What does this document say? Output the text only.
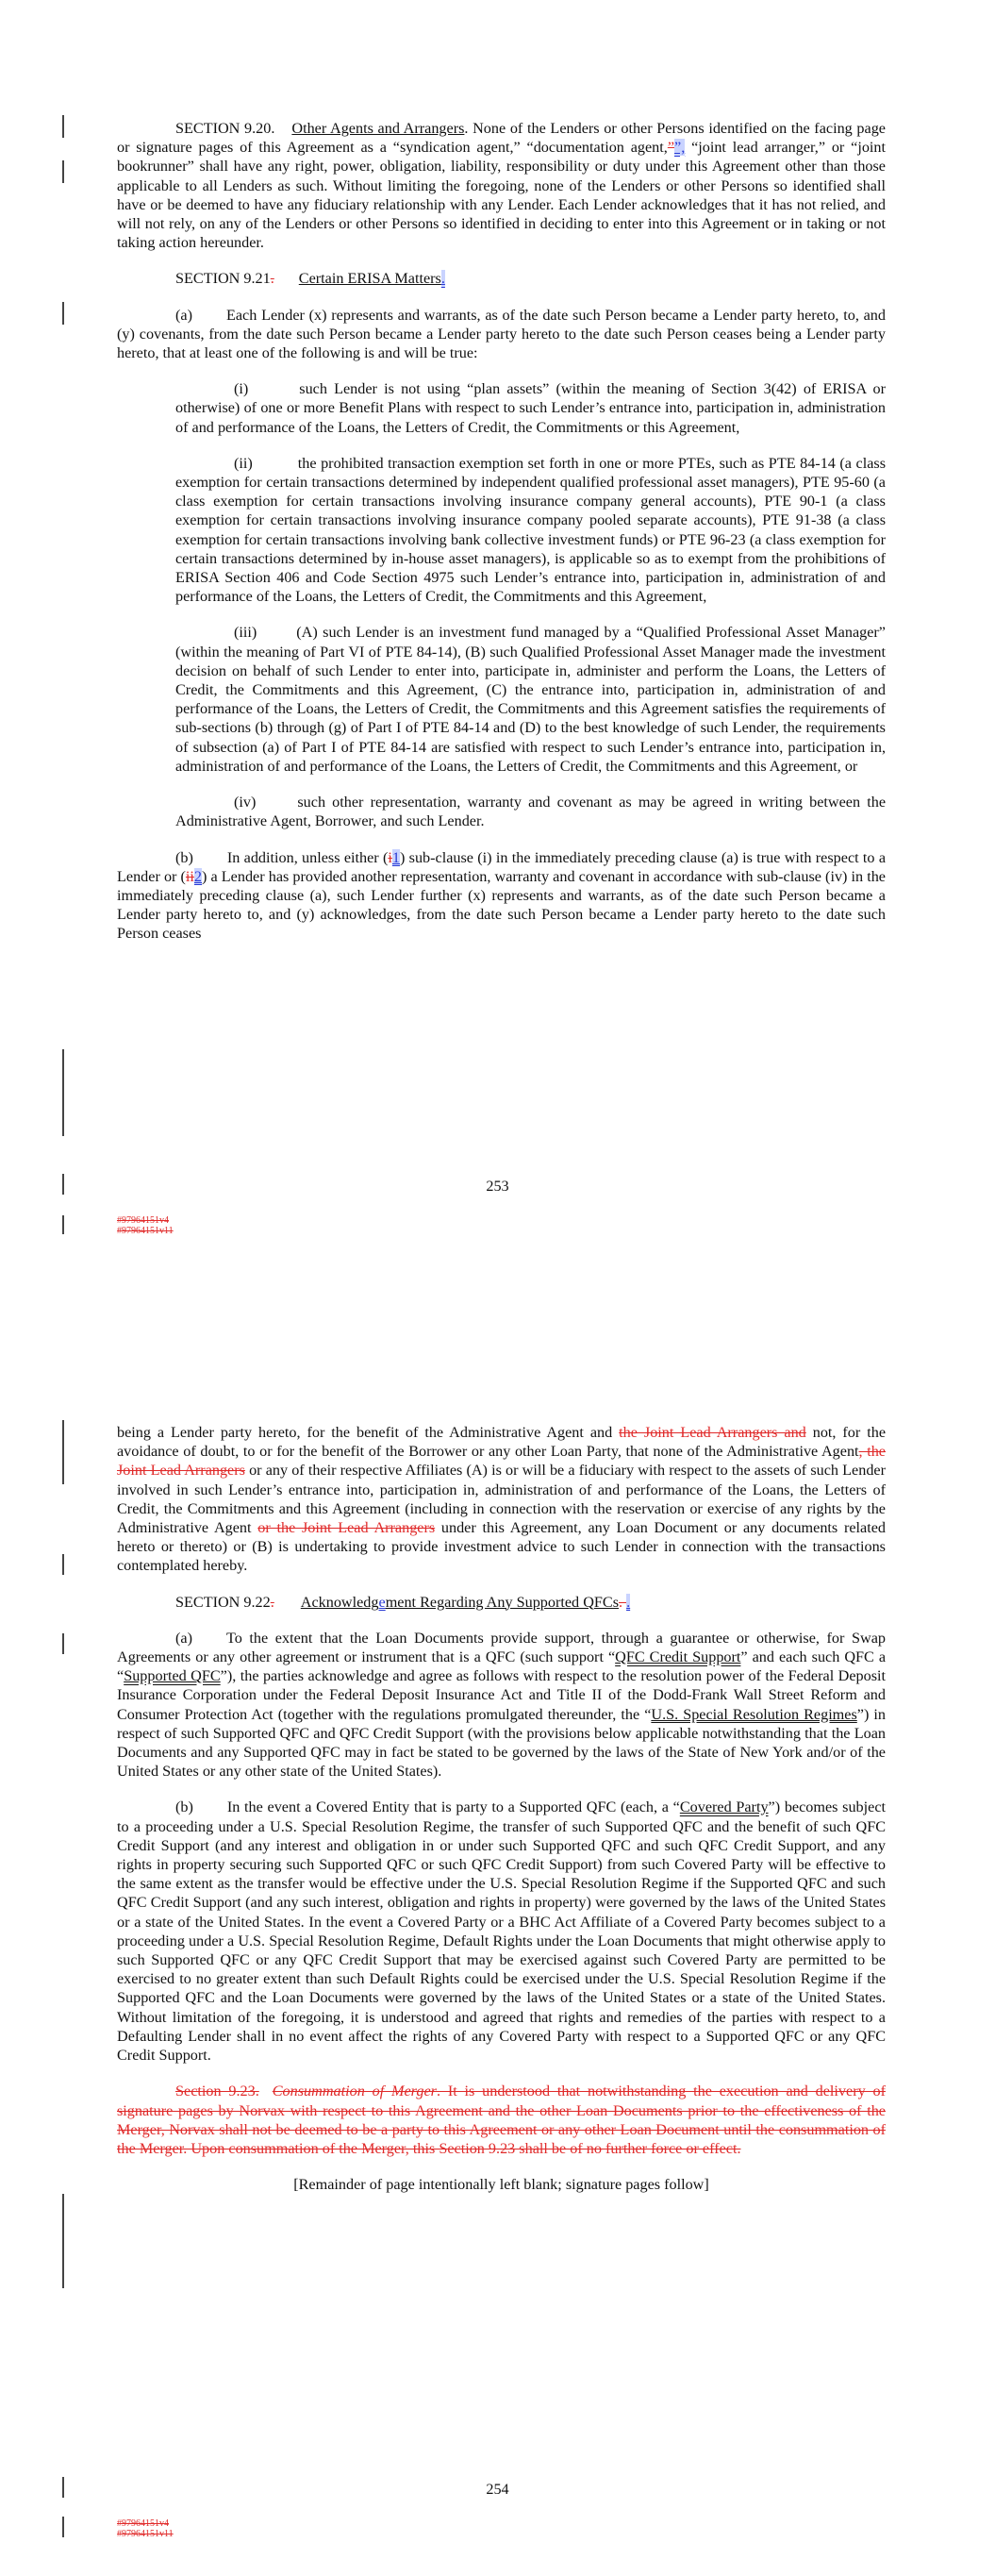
SECTION 9.20. Other Agents and Arrangers. None of the Lenders or other Persons identified on the facing page or signature pages of this Agreement as a “syndication agent,” “documentation agent,””, “joint lead arranger,” or “joint bookrunner” shall have any right, power, obligation, liability, responsibility or duty under this Agreement other than those applicable to all Lenders as such. Without limiting the foregoing, none of the Lenders or other Persons so identified shall have or be deemed to have any fiduciary relationship with any Lender. Each Lender acknowledges that it has not relied, and will not rely, on any of the Lenders or other Persons so identified in deciding to enter into this Agreement or in taking or not taking action hereunder.

SECTION 9.21. Certain ERISA Matters.

(a) Each Lender (x) represents and warrants, as of the date such Person became a Lender party hereto, to, and (y) covenants, from the date such Person became a Lender party hereto to the date such Person ceases being a Lender party hereto, that at least one of the following is and will be true:

(i)	such Lender is not using “plan assets” (within the meaning of Section 3(42) of ERISA or otherwise) of one or more Benefit Plans with respect to such Lender’s entrance into, participation in, administration of and performance of the Loans, the Letters of Credit, the Commitments or this Agreement,

(ii)	the prohibited transaction exemption set forth in one or more PTEs, such as PTE 84-14 (a class exemption for certain transactions determined by independent qualified professional asset managers), PTE 95-60 (a class exemption for certain transactions involving insurance company general accounts), PTE 90-1 (a class exemption for certain transactions involving insurance company pooled separate accounts), PTE 91-38 (a class exemption for certain transactions involving bank collective investment funds) or PTE 96-23 (a class exemption for certain transactions determined by in-house asset managers), is applicable so as to exempt from the prohibitions of ERISA Section 406 and Code Section 4975 such Lender’s entrance into, participation in, administration of and performance of the Loans, the Letters of Credit, the Commitments and this Agreement,

(iii)	(A) such Lender is an investment fund managed by a “Qualified Professional Asset Manager” (within the meaning of Part VI of PTE 84-14), (B) such Qualified Professional Asset Manager made the investment decision on behalf of such Lender to enter into, participate in, administer and perform the Loans, the Letters of Credit, the Commitments and this Agreement, (C) the entrance into, participation in, administration of and performance of the Loans, the Letters of Credit, the Commitments and this Agreement satisfies the requirements of sub-sections (b) through (g) of Part I of PTE 84-14 and (D) to the best knowledge of such Lender, the requirements of subsection (a) of Part I of PTE 84-14 are satisfied with respect to such Lender’s entrance into, participation in, administration of and performance of the Loans, the Letters of Credit, the Commitments and this Agreement, or

(iv)	such other representation, warranty and covenant as may be agreed in writing between the Administrative Agent, Borrower, and such Lender.

(b) In addition, unless either (i1) sub-clause (i) in the immediately preceding clause (a) is true with respect to a Lender or (ii2) a Lender has provided another representation, warranty and covenant in accordance with sub-clause (iv) in the immediately preceding clause (a), such Lender further (x) represents and warrants, as of the date such Person became a Lender party hereto to, and (y) acknowledges, from the date such Person became a Lender party hereto to the date such Person ceases

253
#97964151v4
#97964151v11

being a Lender party hereto, for the benefit of the Administrative Agent and the Joint Lead Arrangers and not, for the avoidance of doubt, to or for the benefit of the Borrower or any other Loan Party, that none of the Administrative Agent, the Joint Lead Arrangers or any of their respective Affiliates (A) is or will be a fiduciary with respect to the assets of such Lender involved in such Lender’s entrance into, participation in, administration of and performance of the Loans, the Letters of Credit, the Commitments and this Agreement (including in connection with the reservation or exercise of any rights by the Administrative Agent or the Joint Lead Arrangers under this Agreement, any Loan Document or any documents related hereto or thereto) or (B) is undertaking to provide investment advice to such Lender in connection with the transactions contemplated hereby.

SECTION 9.22. Acknowledgement Regarding Any Supported QFCs. .

(a) To the extent that the Loan Documents provide support, through a guarantee or otherwise, for Swap Agreements or any other agreement or instrument that is a QFC (such support “QFC Credit Support” and each such QFC a “Supported QFC”), the parties acknowledge and agree as follows with respect to the resolution power of the Federal Deposit Insurance Corporation under the Federal Deposit Insurance Act and Title II of the Dodd-Frank Wall Street Reform and Consumer Protection Act (together with the regulations promulgated thereunder, the “U.S. Special Resolution Regimes”) in respect of such Supported QFC and QFC Credit Support (with the provisions below applicable notwithstanding that the Loan Documents and any Supported QFC may in fact be stated to be governed by the laws of the State of New York and/or of the United States or any other state of the United States).

(b) In the event a Covered Entity that is party to a Supported QFC (each, a “Covered Party”) becomes subject to a proceeding under a U.S. Special Resolution Regime, the transfer of such Supported QFC and the benefit of such QFC Credit Support (and any interest and obligation in or under such Supported QFC and such QFC Credit Support, and any rights in property securing such Supported QFC or such QFC Credit Support) from such Covered Party will be effective to the same extent as the transfer would be effective under the U.S. Special Resolution Regime if the Supported QFC and such QFC Credit Support (and any such interest, obligation and rights in property) were governed by the laws of the United States or a state of the United States. In the event a Covered Party or a BHC Act Affiliate of a Covered Party becomes subject to a proceeding under a U.S. Special Resolution Regime, Default Rights under the Loan Documents that might otherwise apply to such Supported QFC or any QFC Credit Support that may be exercised against such Covered Party are permitted to be exercised to no greater extent than such Default Rights could be exercised under the U.S. Special Resolution Regime if the Supported QFC and the Loan Documents were governed by the laws of the United States or a state of the United States. Without limitation of the foregoing, it is understood and agreed that rights and remedies of the parties with respect to a Defaulting Lender shall in no event affect the rights of any Covered Party with respect to a Supported QFC or any QFC Credit Support.

Section 9.23. Consummation of Merger. It is understood that notwithstanding the execution and delivery of signature pages by Norvax with respect to this Agreement and the other Loan Documents prior to the effectiveness of the Merger, Norvax shall not be deemed to be a party to this Agreement or any other Loan Document until the consummation of the Merger. Upon consummation of the Merger, this Section 9.23 shall be of no further force or effect.

[Remainder of page intentionally left blank; signature pages follow]

254
#97964151v4
#97964151v11
